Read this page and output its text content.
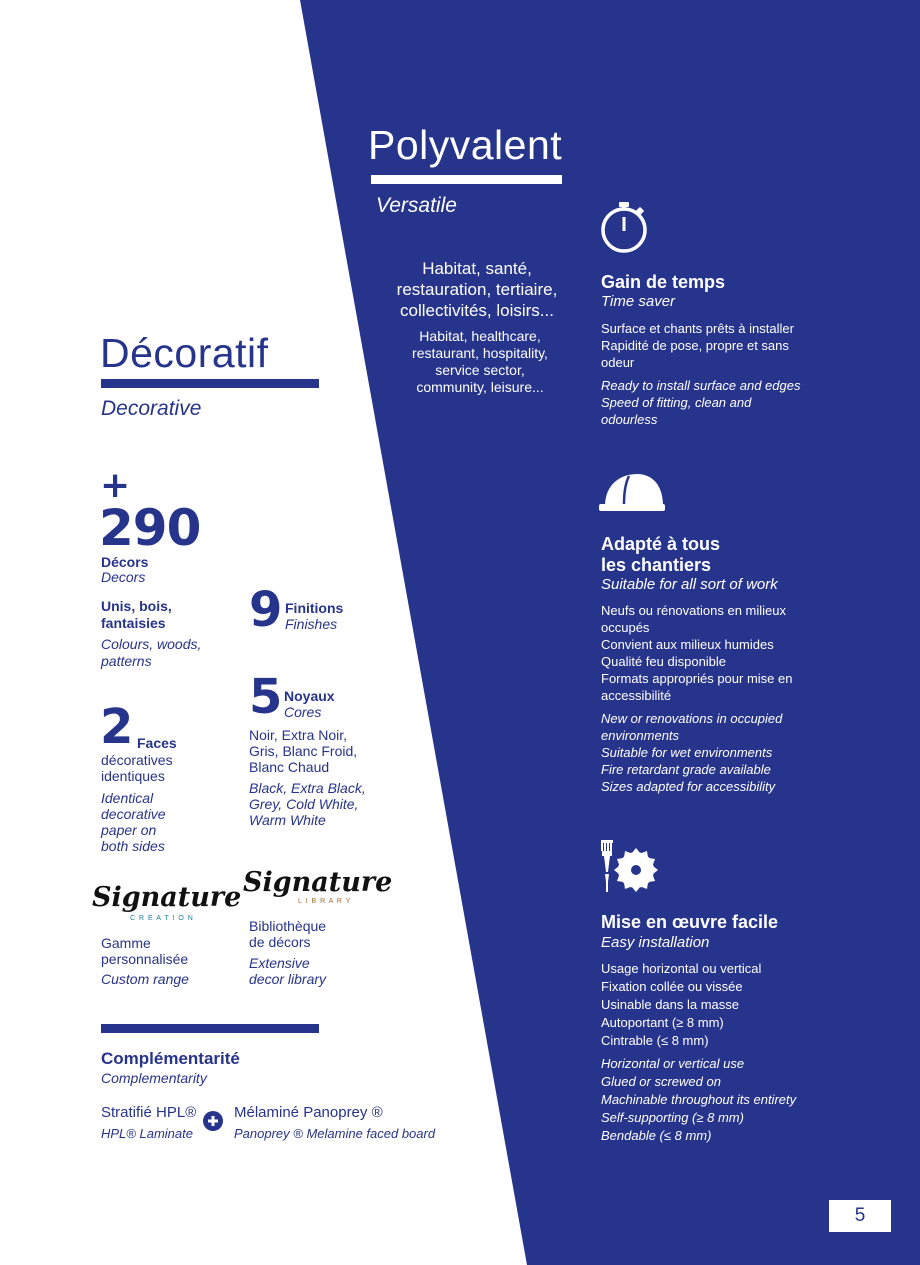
Polyvalent
Versatile
Habitat, santé,
restauration, tertiaire,
collectivités, loisirs...
Habitat, healthcare,
restaurant, hospitality,
service sector,
community, leisure...
Décoratif
Decorative
+
290
Décors
Decors
Unis, bois,
fantaisies
Colours, woods,
patterns
9 Finitions
Finishes
5 Noyaux
Cores
Noir, Extra Noir,
Gris, Blanc Froid,
Blanc Chaud
Black, Extra Black,
Grey, Cold White,
Warm White
2 Faces
décoratives
identiques
Identical
decorative
paper on
both sides
Signature
C R E A T I O N
Gamme
personnalisée
Custom range
Signature
L I B R A R Y
Bibliothèque
de décors
Extensive
decor library
Complémentarité
Complementarity
Stratifié HPL®
HPL® Laminate
Mélaminé Panoprey ®
Panoprey ® Melamine faced board
Gain de temps
Time saver
Surface et chants prêts à installer
Rapidité de pose, propre et sans
odeur
Ready to install surface and edges
Speed of fitting, clean and
odourless
Adapté à tous
les chantiers
Suitable for all sort of work
Neufs ou rénovations en milieux
occupés
Convient aux milieux humides
Qualité feu disponible
Formats appropriés pour mise en
accessibilité
New or renovations in occupied
environments
Suitable for wet environments
Fire retardant grade available
Sizes adapted for accessibility
Mise en œuvre facile
Easy installation
Usage horizontal ou vertical
Fixation collée ou vissée
Usinable dans la masse
Autoportant (≥ 8 mm)
Cintrable (≤ 8 mm)
Horizontal or vertical use
Glued or screwed on
Machinable throughout its entirety
Self-supporting (≥ 8 mm)
Bendable (≤ 8 mm)
5
